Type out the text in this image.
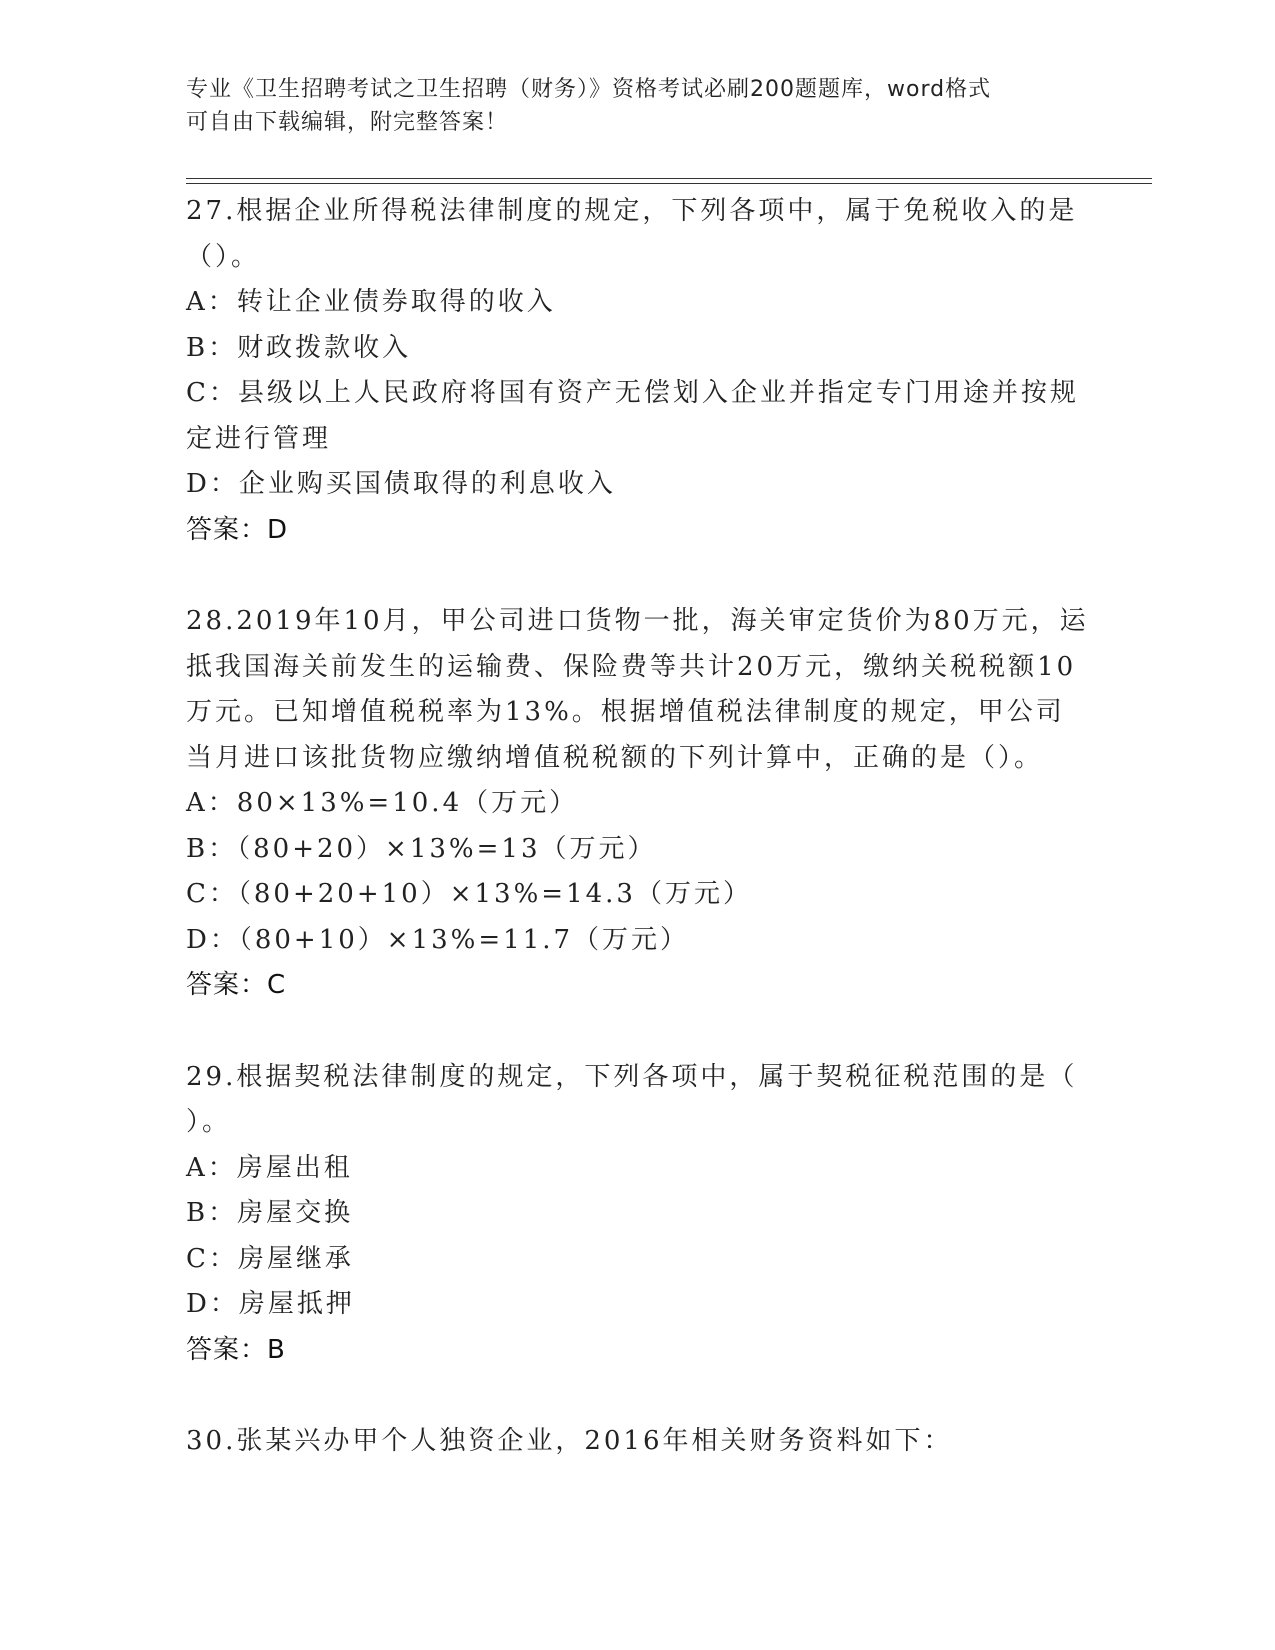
专业《卫生招聘考试之卫生招聘（财务）》资格考试必刷200题题库，word格式
可自由下载编辑，附完整答案！
27.根据企业所得税法律制度的规定，下列各项中，属于免税收入的是
（）。
A：转让企业债券取得的收入
B：财政拨款收入
C：县级以上人民政府将国有资产无偿划入企业并指定专门用途并按规
定进行管理
D：企业购买国债取得的利息收入
答案：D
28.2019年10月，甲公司进口货物一批，海关审定货价为80万元，运
抵我国海关前发生的运输费、保险费等共计20万元，缴纳关税税额10
万元。已知增值税税率为13%。根据增值税法律制度的规定，甲公司
当月进口该批货物应缴纳增值税税额的下列计算中，正确的是（）。
A：80×13%=10.4（万元）
B：（80+20）×13%=13（万元）
C：（80+20+10）×13%=14.3（万元）
D：（80+10）×13%=11.7（万元）
答案：C
29.根据契税法律制度的规定，下列各项中，属于契税征税范围的是（
）。
A：房屋出租
B：房屋交换
C：房屋继承
D：房屋抵押
答案：B
30.张某兴办甲个人独资企业，2016年相关财务资料如下：
